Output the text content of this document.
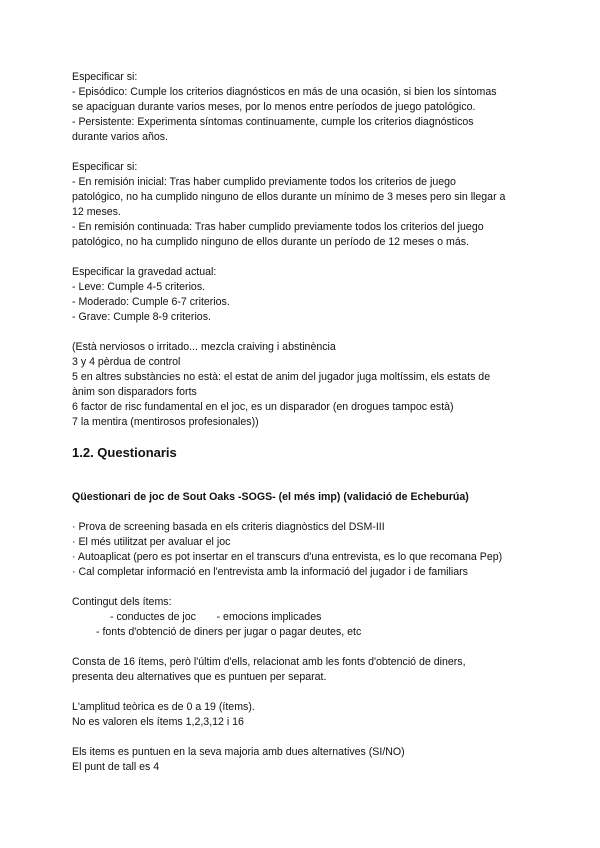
Especificar si:
- Episódico: Cumple los criterios diagnósticos en más de una ocasión, si bien los síntomas
se apaciguan durante varios meses, por lo menos entre períodos de juego patológico.
- Persistente: Experimenta síntomas continuamente, cumple los criterios diagnósticos
durante varios años.
Especificar si:
- En remisión inicial: Tras haber cumplido previamente todos los criterios de juego
patológico, no ha cumplido ninguno de ellos durante un mínimo de 3 meses pero sin llegar a
12 meses.
- En remisión continuada: Tras haber cumplido previamente todos los criterios del juego
patológico, no ha cumplido ninguno de ellos durante un período de 12 meses o más.
Especificar la gravedad actual:
- Leve: Cumple 4-5 criterios.
- Moderado: Cumple 6-7 criterios.
- Grave: Cumple 8-9 criterios.
(Està nerviosos o irritado... mezcla craiving i abstinència
3 y 4 pèrdua de control
5 en altres substàncies no està: el estat de anim del jugador juga moltíssim, els estats de
ànim son disparadors forts
6 factor de risc fundamental en el joc, es un disparador (en drogues tampoc està)
7 la mentira (mentirosos profesionales))
1.2. Questionaris
Qüestionari de joc de Sout Oaks -SOGS- (el més imp) (validació de Echeburúa)
· Prova de screening basada en els criteris diagnòstics del DSM-III
· El més utilitzat per avaluar el joc
· Autoaplicat (pero es pot insertar en el transcurs d'una entrevista, es lo que recomana Pep)
· Cal completar informació en l'entrevista amb la informació del jugador i de familiars
Contingut dels ítems:
- conductes de joc       - emocions implicades
- fonts d'obtenció de diners per jugar o pagar deutes, etc
Consta de 16 ítems, però l'últim d'ells, relacionat amb les fonts d'obtenció de diners,
presenta deu alternatives que es puntuen per separat.
L'amplitud teòrica es de 0 a 19 (ítems).
No es valoren els ítems 1,2,3,12 i 16
Els items es puntuen en la seva majoria amb dues alternatives (SI/NO)
El punt de tall es 4
